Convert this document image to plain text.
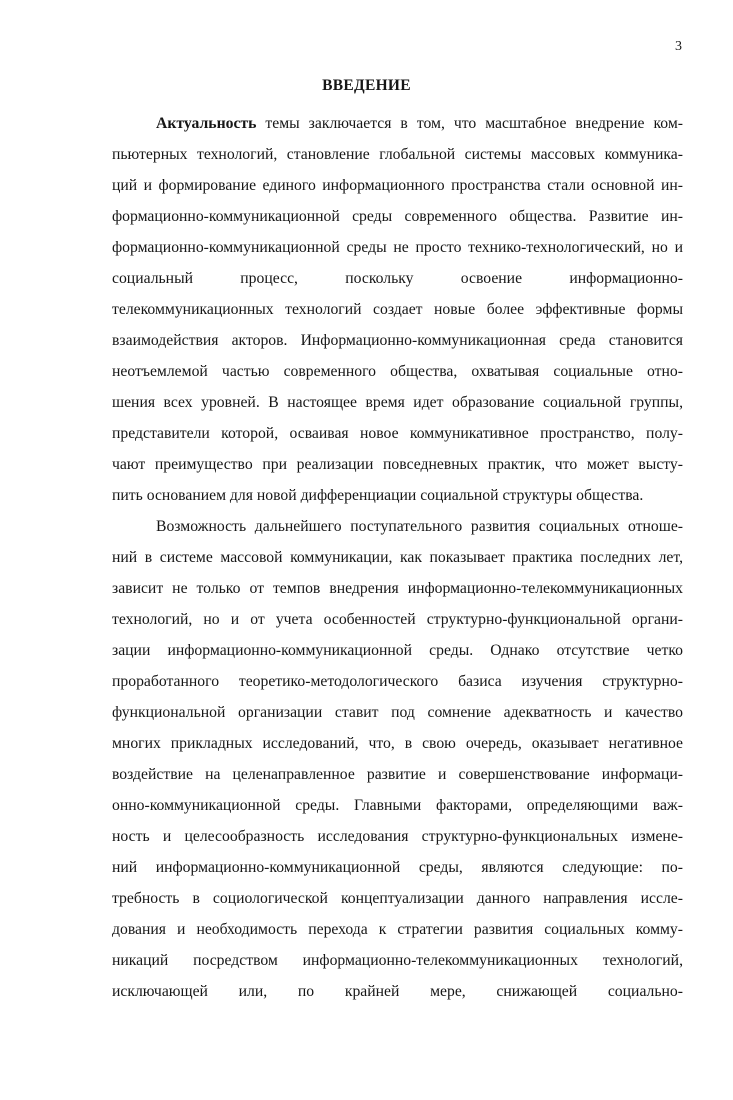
3
ВВЕДЕНИЕ
Актуальность темы заключается в том, что масштабное внедрение ком-
пьютерных технологий, становление глобальной системы массовых коммуника-
ций и формирование единого информационного пространства стали основной ин-
формационно-коммуникационной среды современного общества. Развитие ин-
формационно-коммуникационной среды не просто технико-технологический, но и
социальный процесс, поскольку освоение информационно-
телекоммуникационных технологий создает новые более эффективные формы
взаимодействия акторов. Информационно-коммуникационная среда становится
неотъемлемой частью современного общества, охватывая социальные отно-
шения всех уровней. В настоящее время идет образование социальной группы,
представители которой, осваивая новое коммуникативное пространство, полу-
чают преимущество при реализации повседневных практик, что может высту-
пить основанием для новой дифференциации социальной структуры общества.
Возможность дальнейшего поступательного развития социальных отноше-
ний в системе массовой коммуникации, как показывает практика последних лет,
зависит не только от темпов внедрения информационно-телекоммуникационных
технологий, но и от учета особенностей структурно-функциональной органи-
зации информационно-коммуникационной среды. Однако отсутствие четко
проработанного теоретико-методологического базиса изучения структурно-
функциональной организации ставит под сомнение адекватность и качество
многих прикладных исследований, что, в свою очередь, оказывает негативное
воздействие на целенаправленное развитие и совершенствование информаци-
онно-коммуникационной среды. Главными факторами, определяющими важ-
ность и целесообразность исследования структурно-функциональных измене-
ний информационно-коммуникационной среды, являются следующие: по-
требность в социологической концептуализации данного направления иссле-
дования и необходимость перехода к стратегии развития социальных комму-
никаций посредством информационно-телекоммуникационных технологий,
исключающей или, по крайней мере, снижающей социально-
